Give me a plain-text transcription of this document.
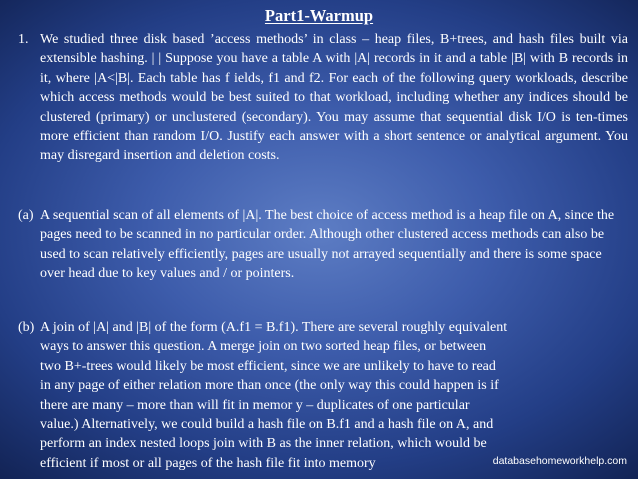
Part1-Warmup
1. We studied three disk based ’access methods’ in class – heap files, B+trees, and hash files built via extensible hashing. | | Suppose you have a table A with |A| records in it and a table |B| with B records in it, where |A<|B|. Each table has f ields, f1 and f2. For each of the following query workloads, describe which access methods would be best suited to that workload, including whether any indices should be clustered (primary) or unclustered (secondary). You may assume that sequential disk I/O is ten-times more efficient than random I/O. Justify each answer with a short sentence or analytical argument. You may disregard insertion and deletion costs.
(a) A sequential scan of all elements of |A|. The best choice of access method is a heap file on A, since the pages need to be scanned in no particular order. Although other clustered access methods can also be used to scan relatively efficiently, pages are usually not arrayed sequentially and there is some space over head due to key values and / or pointers.
(b) A join of |A| and |B| of the form (A.f1 = B.f1). There are several roughly equivalent ways to answer this question. A merge join on two sorted heap files, or between two B+-trees would likely be most efficient, since we are unlikely to have to read in any page of either relation more than once (the only way this could happen is if there are many – more than will fit in memor y – duplicates of one particular value.) Alternatively, we could build a hash file on B.f1 and a hash file on A, and perform an index nested loops join with B as the inner relation, which would be efficient if most or all pages of the hash file fit into memory	databasehomeworkhelp.com
